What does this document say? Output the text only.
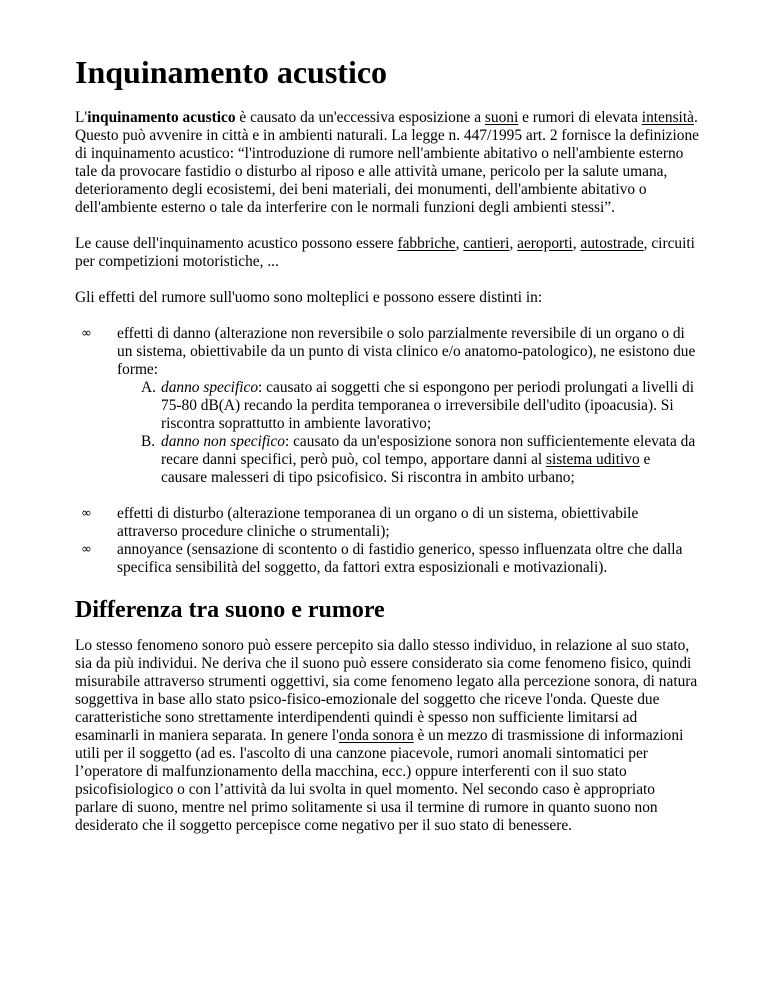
Inquinamento acustico

L'inquinamento acustico è causato da un'eccessiva esposizione a suoni e rumori di elevata intensità. Questo può avvenire in città e in ambienti naturali. La legge n. 447/1995 art. 2 fornisce la definizione di inquinamento acustico: “l'introduzione di rumore nell'ambiente abitativo o nell'ambiente esterno tale da provocare fastidio o disturbo al riposo e alle attività umane, pericolo per la salute umana, deterioramento degli ecosistemi, dei beni materiali, dei monumenti, dell'ambiente abitativo o dell'ambiente esterno o tale da interferire con le normali funzioni degli ambienti stessi”.

Le cause dell'inquinamento acustico possono essere fabbriche, cantieri, aeroporti, autostrade, circuiti per competizioni motoristiche, ...

Gli effetti del rumore sull'uomo sono molteplici e possono essere distinti in:

∞ effetti di danno (alterazione non reversibile o solo parzialmente reversibile di un organo o di un sistema, obiettivabile da un punto di vista clinico e/o anatomo-patologico), ne esistono due forme:
A. danno specifico: causato ai soggetti che si espongono per periodi prolungati a livelli di 75-80 dB(A) recando la perdita temporanea o irreversibile dell'udito (ipoacusia). Si riscontra soprattutto in ambiente lavorativo;
B. danno non specifico: causato da un'esposizione sonora non sufficientemente elevata da recare danni specifici, però può, col tempo, apportare danni al sistema uditivo e causare malesseri di tipo psicofisico. Si riscontra in ambito urbano;
∞ effetti di disturbo (alterazione temporanea di un organo o di un sistema, obiettivabile attraverso procedure cliniche o strumentali);
∞ annoyance (sensazione di scontento o di fastidio generico, spesso influenzata oltre che dalla specifica sensibilità del soggetto, da fattori extra esposizionali e motivazionali).
Differenza tra suono e rumore

Lo stesso fenomeno sonoro può essere percepito sia dallo stesso individuo, in relazione al suo stato, sia da più individui. Ne deriva che il suono può essere considerato sia come fenomeno fisico, quindi misurabile attraverso strumenti oggettivi, sia come fenomeno legato alla percezione sonora, di natura soggettiva in base allo stato psico-fisico-emozionale del soggetto che riceve l'onda. Queste due caratteristiche sono strettamente interdipendenti quindi è spesso non sufficiente limitarsi ad esaminarli in maniera separata. In genere l'onda sonora è un mezzo di trasmissione di informazioni utili per il soggetto (ad es. l'ascolto di una canzone piacevole, rumori anomali sintomatici per l’operatore di malfunzionamento della macchina, ecc.) oppure interferenti con il suo stato psicofisiologico o con l’attività da lui svolta in quel momento. Nel secondo caso è appropriato parlare di suono, mentre nel primo solitamente si usa il termine di rumore in quanto suono non desiderato che il soggetto percepisce come negativo per il suo stato di benessere.
